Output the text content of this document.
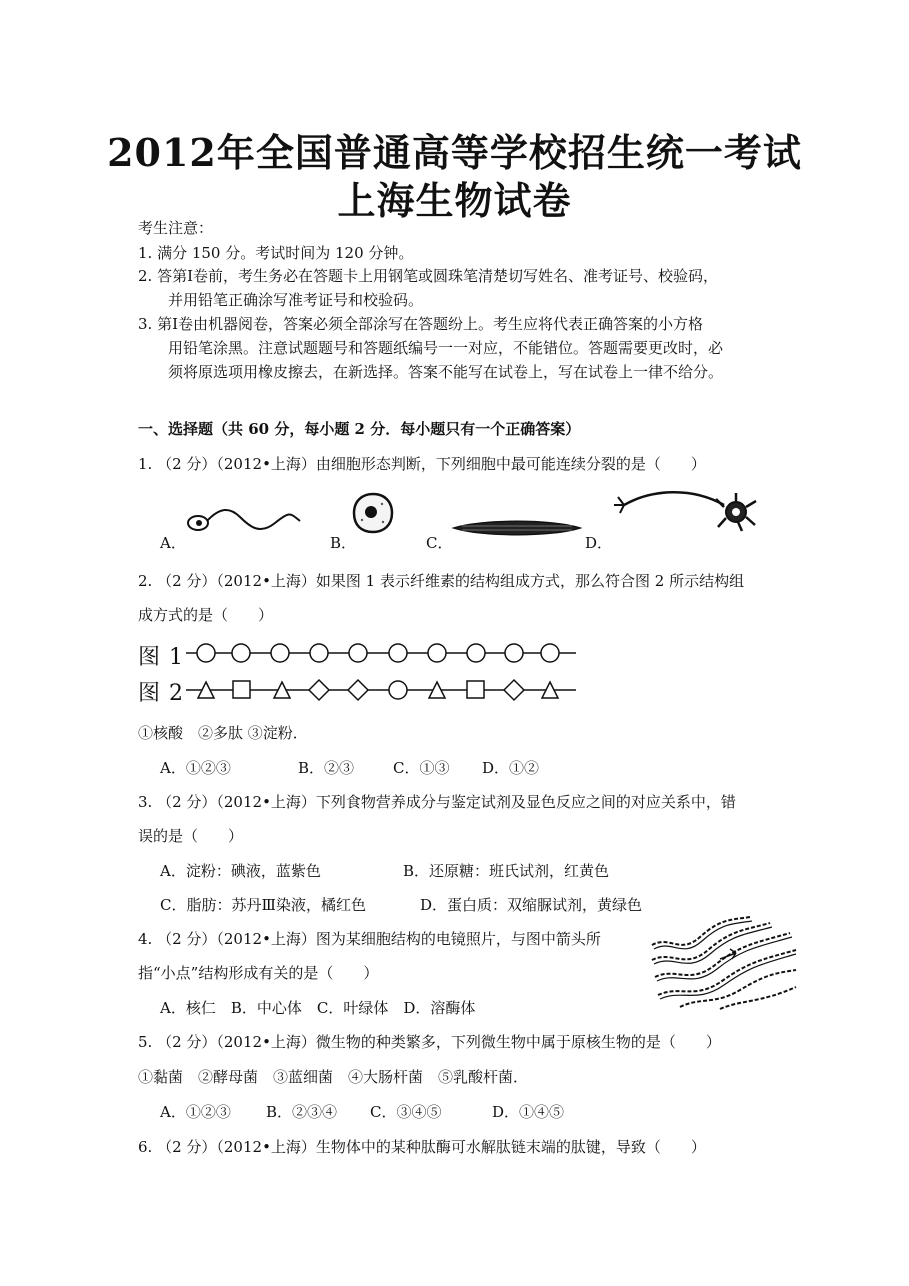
2012年全国普通高等学校招生统一考试
上海生物试卷
考生注意：
1. 满分 150 分。考试时间为 120 分钟。
2. 答第Ⅰ卷前，考生务必在答题卡上用钢笔或圆珠笔清楚切写姓名、准考证号、校验码，
并用铅笔正确涂写准考证号和校验码。
3. 第Ⅰ卷由机器阅卷，答案必须全部涂写在答题纷上。考生应将代表正确答案的小方格
用铅笔涂黑。注意试题题号和答题纸编号一一对应，不能错位。答题需要更改时，必
须将原选项用橡皮擦去，在新选择。答案不能写在试卷上，写在试卷上一律不给分。
一、选择题（共 60 分，每小题 2 分．每小题只有一个正确答案）
1. （2 分）（2012•上海）由细胞形态判断，下列细胞中最可能连续分裂的是（　　）
A．	B．	C．	D．
2. （2 分）（2012•上海）如果图 1 表示纤维素的结构组成方式，那么符合图 2 所示结构组
成方式的是（　　）
图 1
图 2
①核酸　②多肽 ③淀粉．
A．①②③	B．②③	C．①③ D．①②
3. （2 分）（2012•上海）下列食物营养成分与鉴定试剂及显色反应之间的对应关系中，错
误的是（　　）
A．淀粉：碘液，蓝紫色	B．还原糖：班氏试剂，红黄色
C．脂肪：苏丹Ⅲ染液，橘红色	D．蛋白质：双缩脲试剂，黄绿色
4. （2 分）（2012•上海）图为某细胞结构的电镜照片，与图中箭头所
指“小点”结构形成有关的是（　　）
A．核仁　B．中心体　C．叶绿体　D．溶酶体
5. （2 分）（2012•上海）微生物的种类繁多，下列微生物中属于原核生物的是（　　）
①黏菌　②酵母菌　③蓝细菌　④大肠杆菌　⑤乳酸杆菌．
A．①②③ B．②③④ C．③④⑤	D．①④⑤
6. （2 分）（2012•上海）生物体中的某种肽酶可水解肽链末端的肽键，导致（　　）
